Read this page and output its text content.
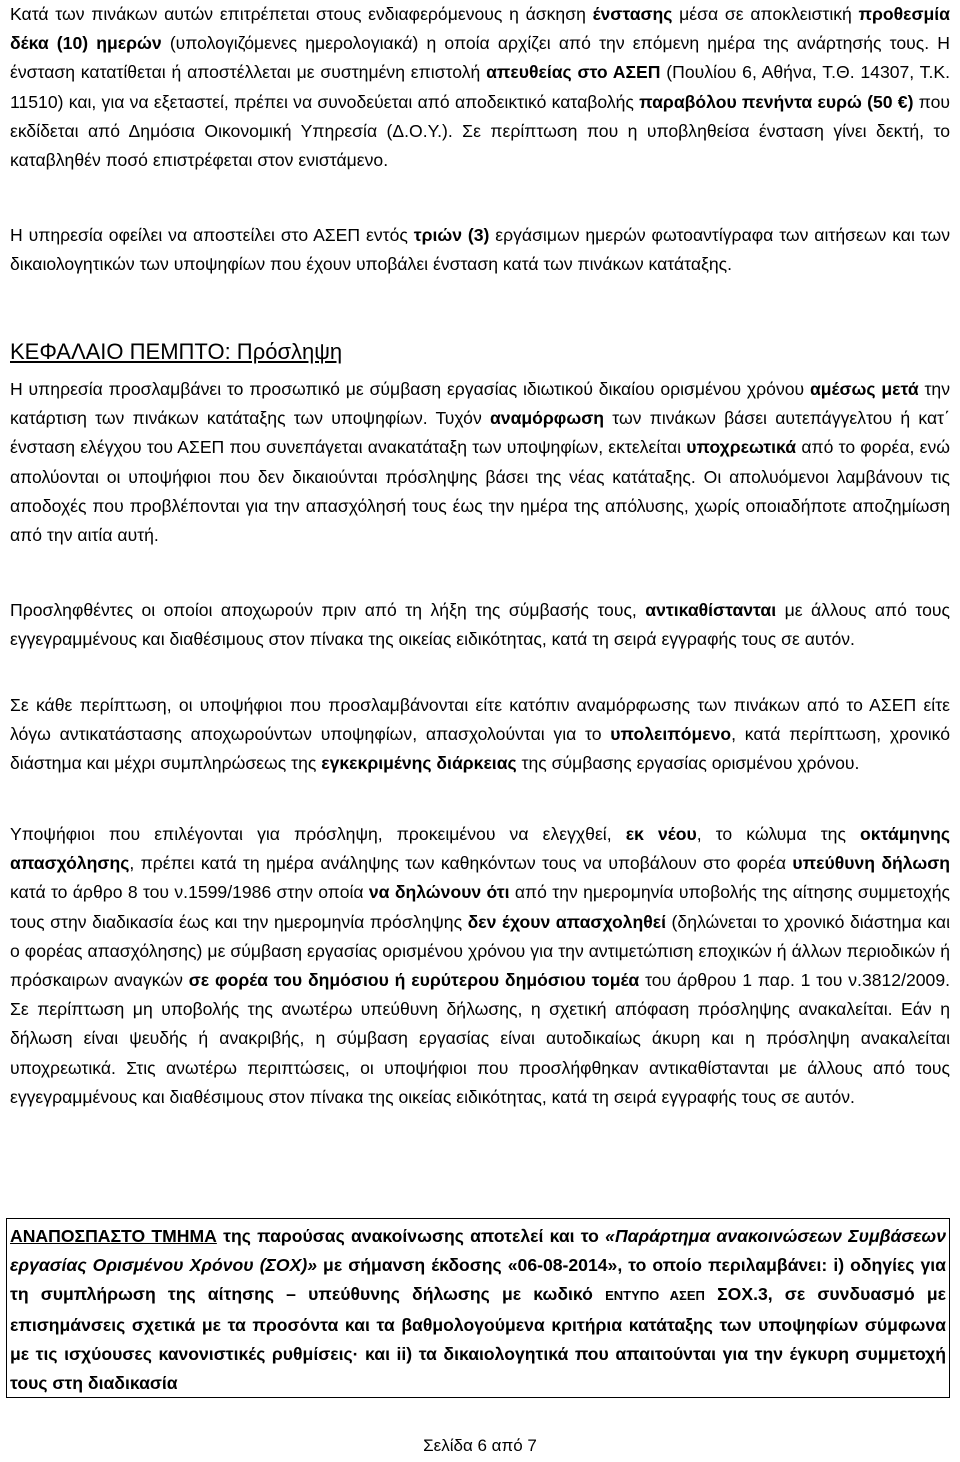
Κατά των πινάκων αυτών επιτρέπεται στους ενδιαφερόμενους η άσκηση ένστασης μέσα σε αποκλειστική προθεσμία δέκα (10) ημερών (υπολογιζόμενες ημερολογιακά) η οποία αρχίζει από την επόμενη ημέρα της ανάρτησής τους. Η ένσταση κατατίθεται ή αποστέλλεται με συστημένη επιστολή απευθείας στο ΑΣΕΠ (Πουλίου 6, Αθήνα, Τ.Θ. 14307, Τ.Κ. 11510) και, για να εξεταστεί, πρέπει να συνοδεύεται από αποδεικτικό καταβολής παραβόλου πενήντα ευρώ (50 €) που εκδίδεται από Δημόσια Οικονομική Υπηρεσία (Δ.Ο.Υ.). Σε περίπτωση που η υποβληθείσα ένσταση γίνει δεκτή, το καταβληθέν ποσό επιστρέφεται στον ενιστάμενο.

Η υπηρεσία οφείλει να αποστείλει στο ΑΣΕΠ εντός τριών (3) εργάσιμων ημερών φωτοαντίγραφα των αιτήσεων και των δικαιολογητικών των υποψηφίων που έχουν υποβάλει ένσταση κατά των πινάκων κατάταξης.

ΚΕΦΑΛΑΙΟ ΠΕΜΠΤΟ: Πρόσληψη

Η υπηρεσία προσλαμβάνει το προσωπικό με σύμβαση εργασίας ιδιωτικού δικαίου ορισμένου χρόνου αμέσως μετά την κατάρτιση των πινάκων κατάταξης των υποψηφίων. Τυχόν αναμόρφωση των πινάκων βάσει αυτεπάγγελτου ή κατ΄ ένσταση ελέγχου του ΑΣΕΠ που συνεπάγεται ανακατάταξη των υποψηφίων, εκτελείται υποχρεωτικά από το φορέα, ενώ απολύονται οι υποψήφιοι που δεν δικαιούνται πρόσληψης βάσει της νέας κατάταξης. Οι απολυόμενοι λαμβάνουν τις αποδοχές που προβλέπονται για την απασχόλησή τους έως την ημέρα της απόλυσης, χωρίς οποιαδήποτε αποζημίωση από την αιτία αυτή.

Προσληφθέντες οι οποίοι αποχωρούν πριν από τη λήξη της σύμβασής τους, αντικαθίστανται με άλλους από τους εγγεγραμμένους και διαθέσιμους στον πίνακα της οικείας ειδικότητας, κατά τη σειρά εγγραφής τους σε αυτόν.

Σε κάθε περίπτωση, οι υποψήφιοι που προσλαμβάνονται είτε κατόπιν αναμόρφωσης των πινάκων από το ΑΣΕΠ είτε λόγω αντικατάστασης αποχωρούντων υποψηφίων, απασχολούνται για το υπολειπόμενο, κατά περίπτωση, χρονικό διάστημα και μέχρι συμπληρώσεως της εγκεκριμένης διάρκειας της σύμβασης εργασίας ορισμένου χρόνου.

Υποψήφιοι που επιλέγονται για πρόσληψη, προκειμένου να ελεγχθεί, εκ νέου, το κώλυμα της οκτάμηνης απασχόλησης, πρέπει κατά τη ημέρα ανάληψης των καθηκόντων τους να υποβάλουν στο φορέα υπεύθυνη δήλωση κατά το άρθρο 8 του ν.1599/1986 στην οποία να δηλώνουν ότι από την ημερομηνία υποβολής της αίτησης συμμετοχής τους στην διαδικασία έως και την ημερομηνία πρόσληψης δεν έχουν απασχοληθεί (δηλώνεται το χρονικό διάστημα και ο φορέας απασχόλησης) με σύμβαση εργασίας ορισμένου χρόνου για την αντιμετώπιση εποχικών ή άλλων περιοδικών ή πρόσκαιρων αναγκών σε φορέα του δημόσιου ή ευρύτερου δημόσιου τομέα του άρθρου 1 παρ. 1 του ν.3812/2009. Σε περίπτωση μη υποβολής της ανωτέρω υπεύθυνη δήλωσης, η σχετική απόφαση πρόσληψης ανακαλείται. Εάν η δήλωση είναι ψευδής ή ανακριβής, η σύμβαση εργασίας είναι αυτοδικαίως άκυρη και η πρόσληψη ανακαλείται υποχρεωτικά. Στις ανωτέρω περιπτώσεις, οι υποψήφιοι που προσλήφθηκαν αντικαθίστανται με άλλους από τους εγγεγραμμένους και διαθέσιμους στον πίνακα της οικείας ειδικότητας, κατά τη σειρά εγγραφής τους σε αυτόν.

ΑΝΑΠΟΣΠΑΣΤΟ ΤΜΗΜΑ της παρούσας ανακοίνωσης αποτελεί και το «Παράρτημα ανακοινώσεων Συμβάσεων εργασίας Ορισμένου Χρόνου (ΣΟΧ)» με σήμανση έκδοσης «06-08-2014», το οποίο περιλαμβάνει: i) οδηγίες για τη συμπλήρωση της αίτησης – υπεύθυνης δήλωσης με κωδικό ΕΝΤΥΠΟ ΑΣΕΠ ΣΟΧ.3, σε συνδυασμό με επισημάνσεις σχετικά με τα προσόντα και τα βαθμολογούμενα κριτήρια κατάταξης των υποψηφίων σύμφωνα με τις ισχύουσες κανονιστικές ρυθμίσεις· και ii) τα δικαιολογητικά που απαιτούνται για την έγκυρη συμμετοχή τους στη διαδικασία

Σελίδα 6 από 7
